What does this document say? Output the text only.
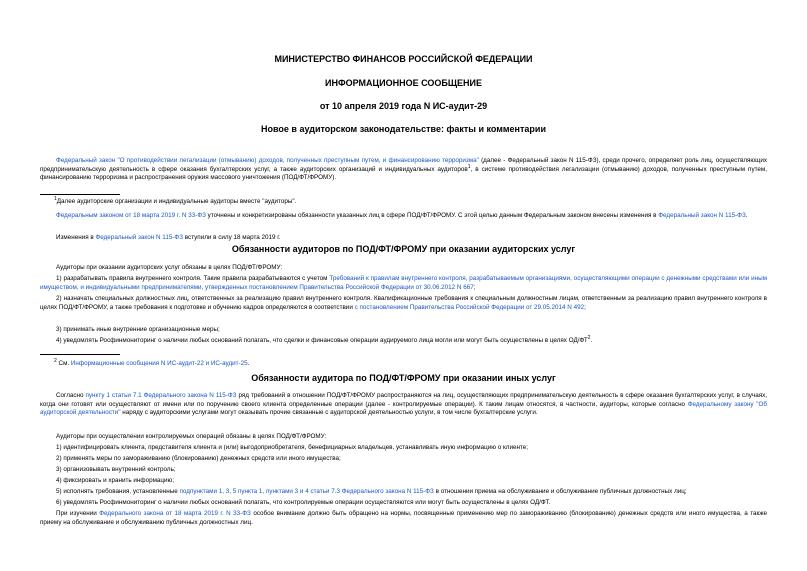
МИНИСТЕРСТВО ФИНАНСОВ РОССИЙСКОЙ ФЕДЕРАЦИИ
ИНФОРМАЦИОННОЕ СООБЩЕНИЕ
от 10 апреля 2019 года N ИС-аудит-29
Новое в аудиторском законодательстве: факты и комментарии
Федеральный закон "О противодействии легализации (отмыванию) доходов, полученных преступным путем, и финансированию терроризма" (далее - Федеральный закон N 115-ФЗ), среди прочего, определяет роль лиц, осуществляющих предпринимательскую деятельность в сфере оказания бухгалтерских услуг, а также аудиторских организаций и индивидуальных аудиторов$^1$, в системе противодействия легализации (отмыванию) доходов, полученных преступным путем, финансированию терроризма и распространения оружия массового уничтожения (ПОД/ФТ/ФРОМУ).
$^1$Далее аудиторские организации и индивидуальные аудиторы вместе "аудиторы".
Федеральным законом от 18 марта 2019 г. N 33-ФЗ уточнены и конкретизированы обязанности указанных лиц в сфере ПОД/ФТ/ФРОМУ. С этой целью данным Федеральным законом внесены изменения в Федеральный закон N 115-ФЗ.
Изменения в Федеральный закон N 115-ФЗ вступили в силу 18 марта 2019 г.
Обязанности аудиторов по ПОД/ФТ/ФРОМУ при оказании аудиторских услуг
Аудиторы при оказании аудиторских услуг обязаны в целях ПОД/ФТ/ФРОМУ:
1) разрабатывать правила внутреннего контроля. Такие правила разрабатываются с учетом Требований к правилам внутреннего контроля, разрабатываемым организациями, осуществляющими операции с денежными средствами или иным имуществом, и индивидуальными предпринимателями, утвержденных постановлением Правительства Российской Федерации от 30.06.2012 N 667;
2) назначать специальных должностных лиц, ответственных за реализацию правил внутреннего контроля. Квалификационные требования к специальным должностным лицам, ответственным за реализацию правил внутреннего контроля в целях ПОД/ФТ/ФРОМУ, а также требования к подготовке и обучению кадров определяются в соответствии с постановлением Правительства Российской Федерации от 29.05.2014 N 492;
3) принимать иные внутренние организационные меры;
4) уведомлять Росфинмониторинг о наличии любых оснований полагать, что сделки и финансовые операции аудируемого лица могли или могут быть осуществлены в целях $ОД/ФТ^2$.
$^2$ См. Информационные сообщения N ИС-аудит-22 и ИС-аудит-25.
Обязанности аудитора по ПОД/ФТ/ФРОМУ при оказании иных услуг
Согласно пункту 1 статьи 7.1 Федерального закона N 115-ФЗ ряд требований в отношении ПОД/ФТ/ФРОМУ распространяются на лиц, осуществляющих предпринимательскую деятельность в сфере оказания бухгалтерских услуг, в случаях, когда они готовят или осуществляют от имени или по поручению своего клиента определенные операции (далее - контролируемые операции). К таким лицам относятся, в частности, аудиторы, которые согласно Федеральному закону "Об аудиторской деятельности" наряду с аудиторскими услугами могут оказывать прочие связанные с аудиторской деятельностью услуги, в том числе бухгалтерские услуги.
Аудиторы при осуществлении контролируемых операций обязаны в целях ПОД/ФТ/ФРОМУ:
1) идентифицировать клиента, представителя клиента и (или) выгодоприобретателя, бенефициарных владельцев, устанавливать иную информацию о клиенте;
2) применять меры по замораживанию (блокированию) денежных средств или иного имущества;
3) организовывать внутренний контроль;
4) фиксировать и хранить информацию;
5) исполнять требования, установленные подпунктами 1, 3, 5 пункта 1, пунктами 3 и 4 статьи 7.3 Федерального закона N 115-ФЗ в отношении приема на обслуживание и обслуживание публичных должностных лиц;
6) уведомлять Росфинмониторинг о наличии любых оснований полагать, что контролируемые операции осуществляются или могут быть осуществлены в целях ОД/ФТ.
При изучении Федерального закона от 18 марта 2019 г. N 33-ФЗ особое внимание должно быть обращено на нормы, посвященные применению мер по замораживанию (блокированию) денежных средств или иного имущества, а также приему на обслуживание и обслуживанию публичных должностных лиц.
